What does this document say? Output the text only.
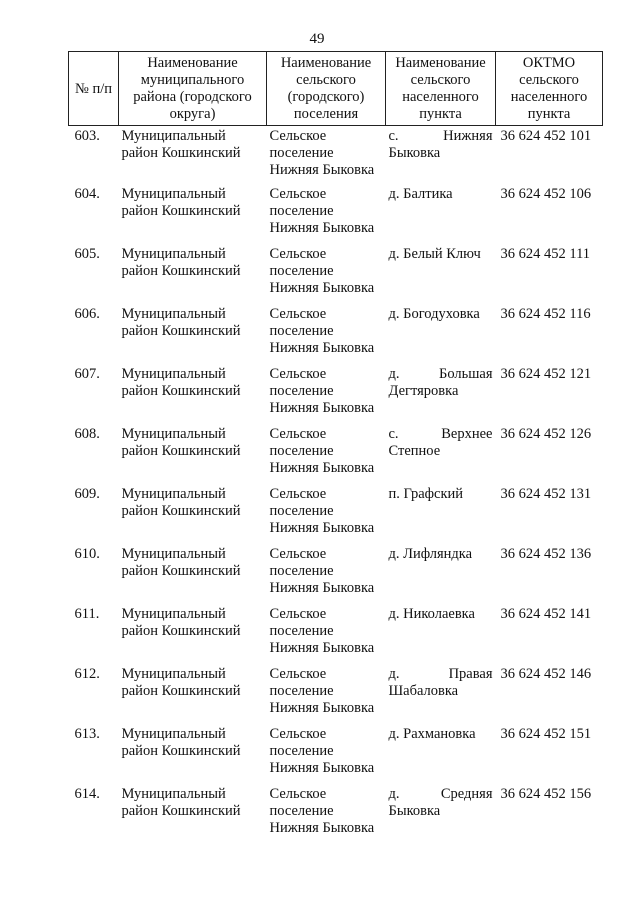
49
№ п/п	Наименование муниципального района (городского округа)	Наименование сельского (городского) поселения	Наименование сельского населенного пункта	ОКТМО сельского населенного пункта
603.	Муниципальный район Кошкинский	Сельское поселение Нижняя Быковка	с. Нижняя Быковка	36 624 452 101
604.	Муниципальный район Кошкинский	Сельское поселение Нижняя Быковка	д. Балтика	36 624 452 106
605.	Муниципальный район Кошкинский	Сельское поселение Нижняя Быковка	д. Белый Ключ	36 624 452 111
606.	Муниципальный район Кошкинский	Сельское поселение Нижняя Быковка	д. Богодуховка	36 624 452 116
607.	Муниципальный район Кошкинский	Сельское поселение Нижняя Быковка	д. Большая Дегтяровка	36 624 452 121
608.	Муниципальный район Кошкинский	Сельское поселение Нижняя Быковка	с. Верхнее Степное	36 624 452 126
609.	Муниципальный район Кошкинский	Сельское поселение Нижняя Быковка	п. Графский	36 624 452 131
610.	Муниципальный район Кошкинский	Сельское поселение Нижняя Быковка	д. Лифляндка	36 624 452 136
611.	Муниципальный район Кошкинский	Сельское поселение Нижняя Быковка	д. Николаевка	36 624 452 141
612.	Муниципальный район Кошкинский	Сельское поселение Нижняя Быковка	д. Правая Шабаловка	36 624 452 146
613.	Муниципальный район Кошкинский	Сельское поселение Нижняя Быковка	д. Рахмановка	36 624 452 151
614.	Муниципальный район Кошкинский	Сельское поселение Нижняя Быковка	д. Средняя Быковка	36 624 452 156
